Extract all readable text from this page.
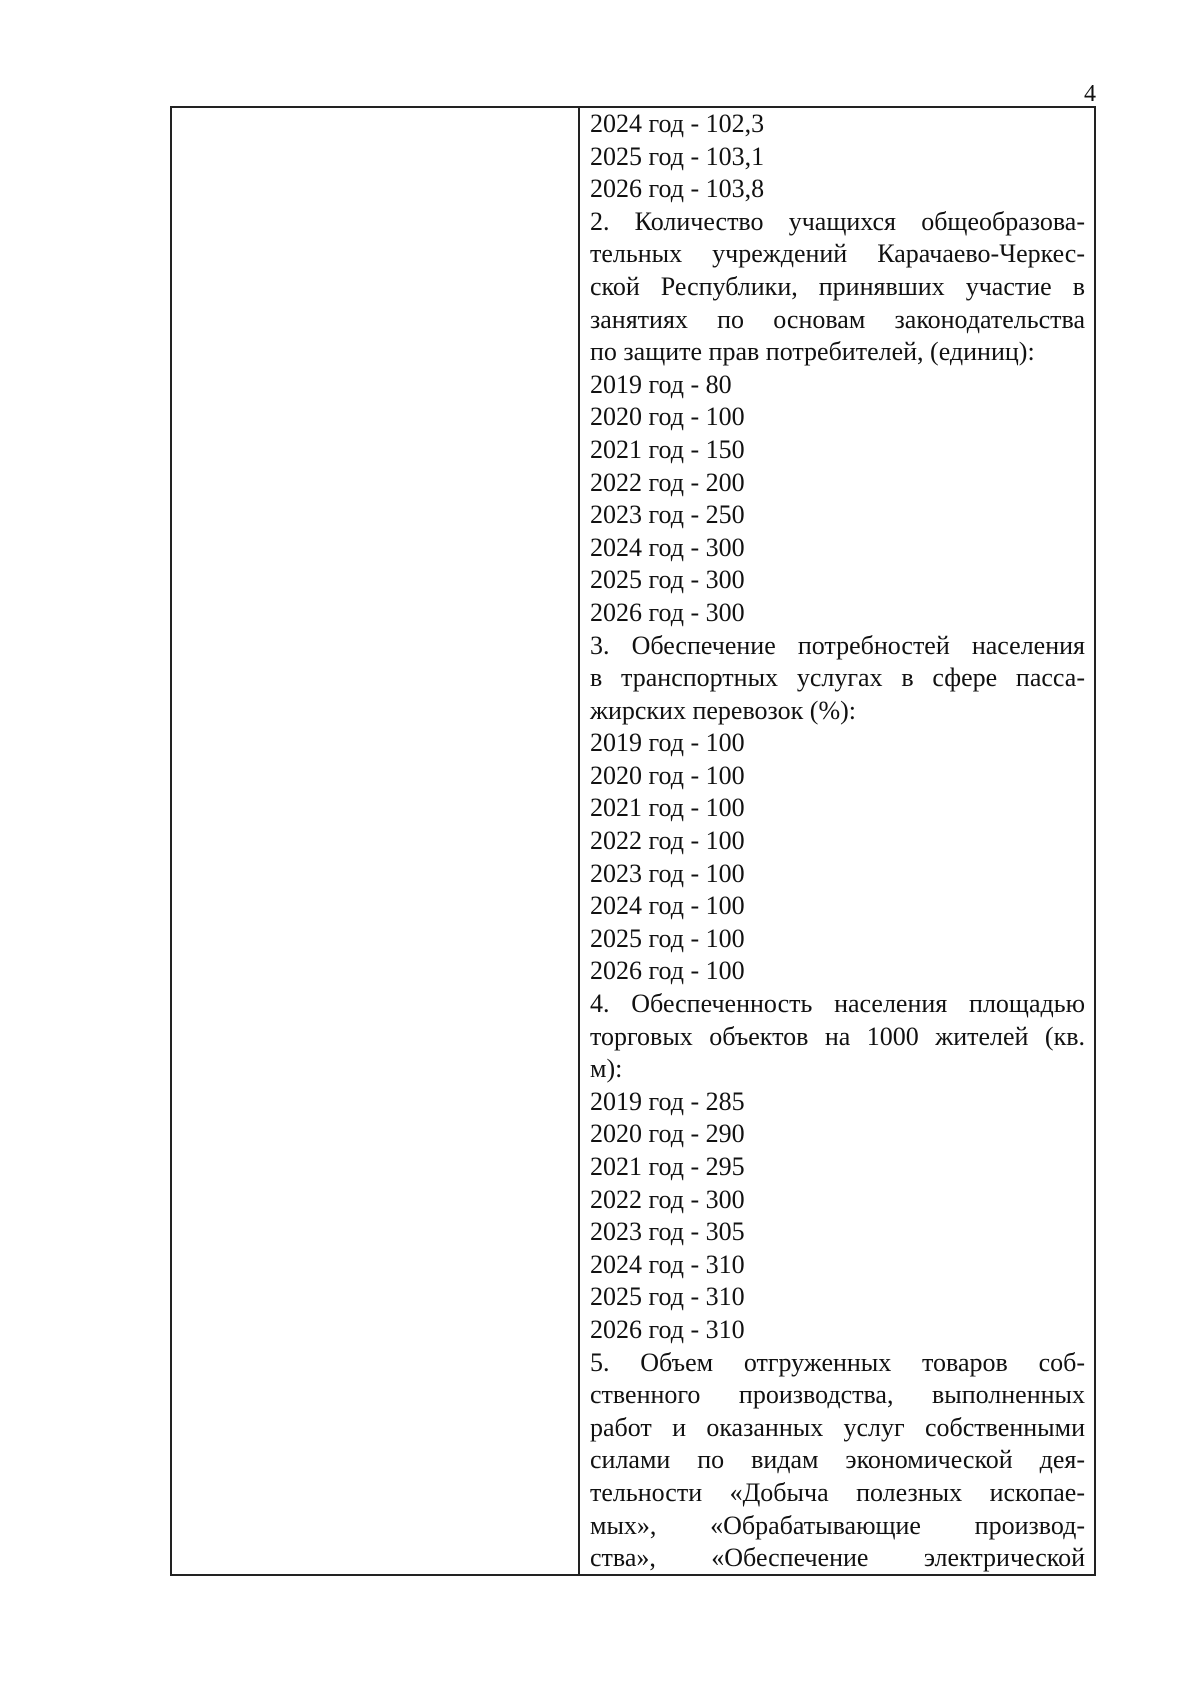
4
2024 год - 102,3
2025 год - 103,1
2026 год - 103,8
2. Количество учащихся общеобразова-
тельных учреждений Карачаево-Черкес-
ской Республики, принявших участие в
занятиях по основам законодательства
по защите прав потребителей, (единиц):
2019 год - 80
2020 год - 100
2021 год - 150
2022 год - 200
2023 год - 250
2024 год - 300
2025 год - 300
2026 год - 300
3. Обеспечение потребностей населения
в транспортных услугах в сфере пасса-
жирских перевозок (%):
2019 год - 100
2020 год - 100
2021 год - 100
2022 год - 100
2023 год - 100
2024 год - 100
2025 год - 100
2026 год - 100
4. Обеспеченность населения площадью
торговых объектов на 1000 жителей (кв.
м):
2019 год - 285
2020 год - 290
2021 год - 295
2022 год - 300
2023 год - 305
2024 год - 310
2025 год - 310
2026 год - 310
5. Объем отгруженных товаров соб-
ственного производства, выполненных
работ и оказанных услуг собственными
силами по видам экономической дея-
тельности «Добыча полезных ископае-
мых», «Обрабатывающие производ-
ства», «Обеспечение электрической
